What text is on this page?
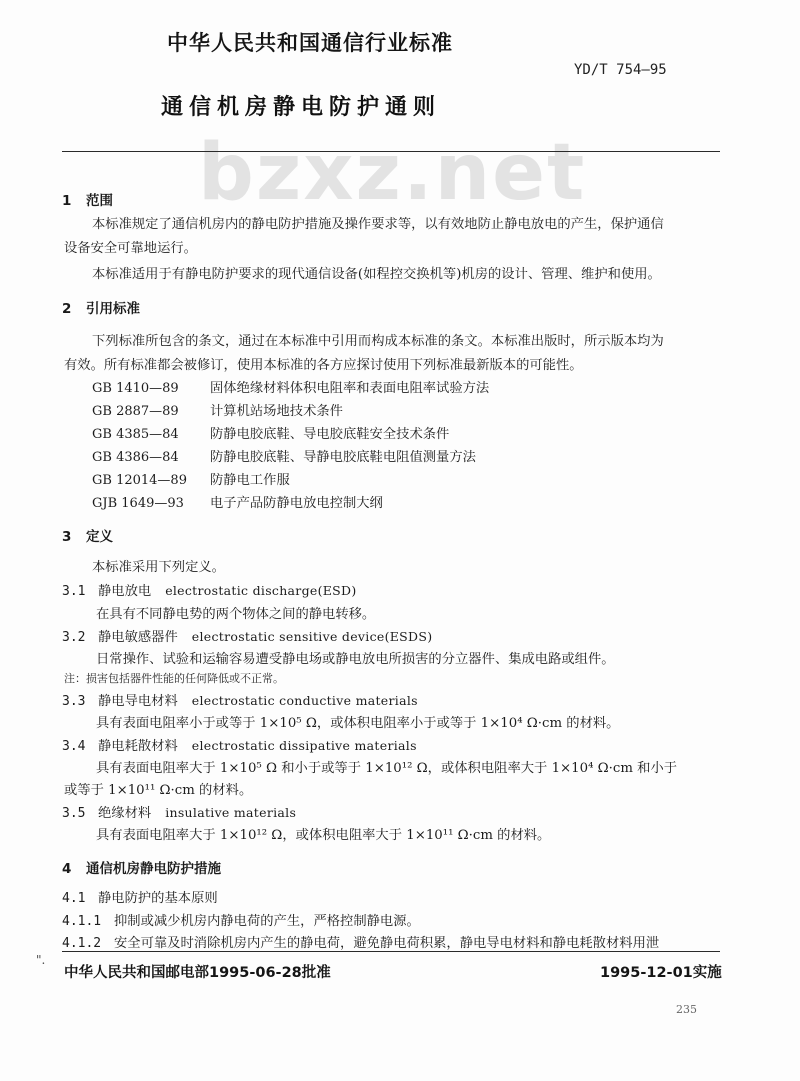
bzxz.net
中华人民共和国通信行业标准
YD/T 754—95
通信机房静电防护通则
1 范围
本标准规定了通信机房内的静电防护措施及操作要求等，以有效地防止静电放电的产生，保护通信
设备安全可靠地运行。
本标准适用于有静电防护要求的现代通信设备(如程控交换机等)机房的设计、管理、维护和使用。
2 引用标准
下列标准所包含的条文，通过在本标准中引用而构成本标准的条文。本标准出版时，所示版本均为
有效。所有标准都会被修订，使用本标准的各方应探讨使用下列标准最新版本的可能性。
GB 1410—89 固体绝缘材料体积电阻率和表面电阻率试验方法
GB 2887—89 计算机站场地技术条件
GB 4385—84 防静电胶底鞋、导电胶底鞋安全技术条件
GB 4386—84 防静电胶底鞋、导静电胶底鞋电阻值测量方法
GB 12014—89 防静电工作服
GJB 1649—93 电子产品防静电放电控制大纲
3 定义
本标准采用下列定义。
3.1 静电放电 electrostatic discharge(ESD)
在具有不同静电势的两个物体之间的静电转移。
3.2 静电敏感器件 electrostatic sensitive device(ESDS)
日常操作、试验和运输容易遭受静电场或静电放电所损害的分立器件、集成电路或组件。
注：损害包括器件性能的任何降低或不正常。
3.3 静电导电材料 electrostatic conductive materials
具有表面电阻率小于或等于 1×10⁵ Ω，或体积电阻率小于或等于 1×10⁴ Ω·cm 的材料。
3.4 静电耗散材料 electrostatic dissipative materials
具有表面电阻率大于 1×10⁵ Ω 和小于或等于 1×10¹² Ω，或体积电阻率大于 1×10⁴ Ω·cm 和小于
或等于 1×10¹¹ Ω·cm 的材料。
3.5 绝缘材料 insulative materials
具有表面电阻率大于 1×10¹² Ω，或体积电阻率大于 1×10¹¹ Ω·cm 的材料。
4 通信机房静电防护措施
4.1 静电防护的基本原则
4.1.1 抑制或减少机房内静电荷的产生，严格控制静电源。
4.1.2 安全可靠及时消除机房内产生的静电荷，避免静电荷积累，静电导电材料和静电耗散材料用泄
".
中华人民共和国邮电部1995-06-28批准	1995-12-01实施
235
